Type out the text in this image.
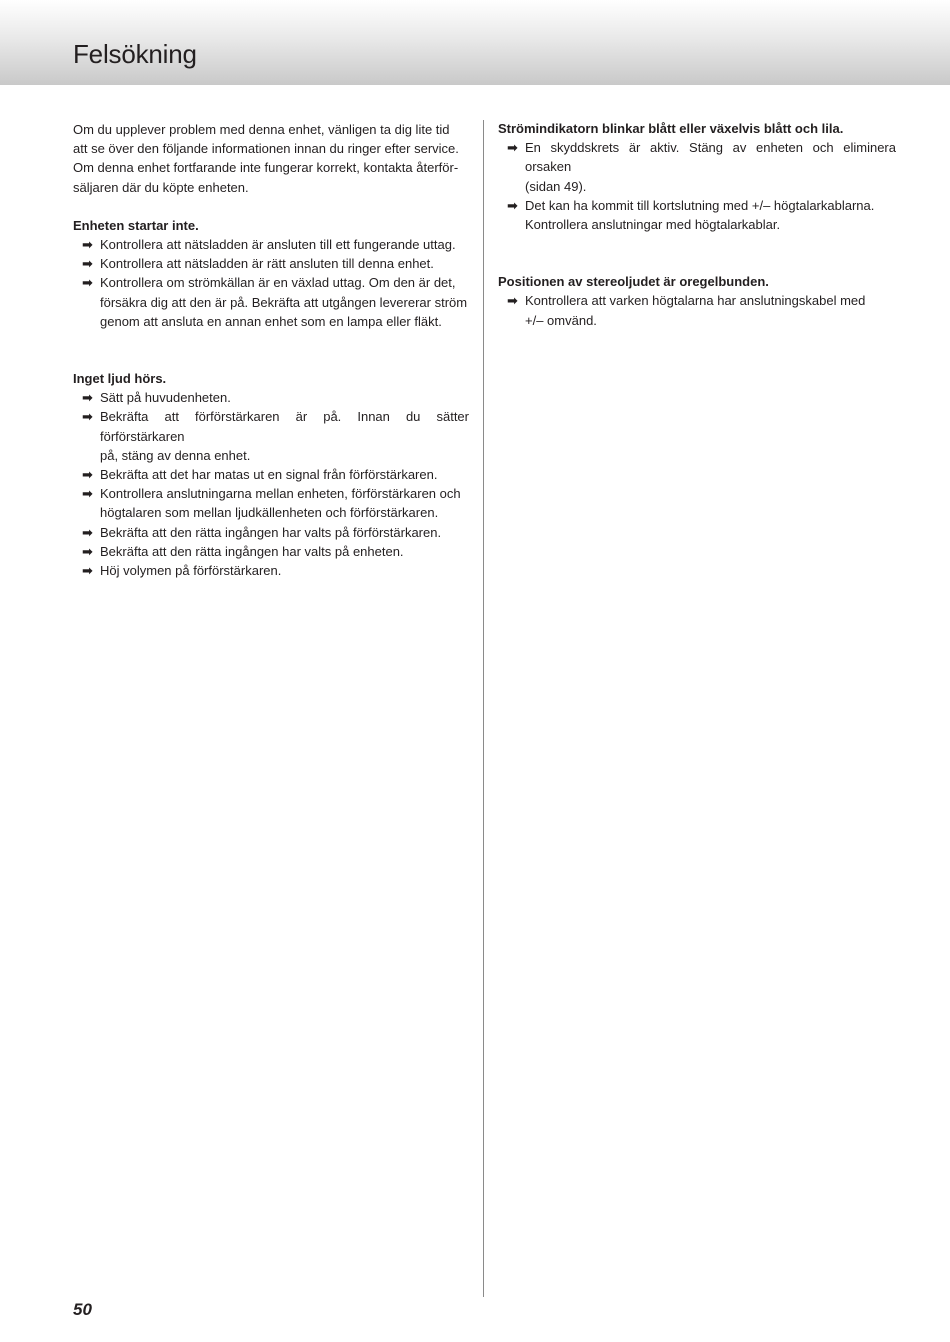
Felsökning

Om du upplever problem med denna enhet, vänligen ta dig lite tid

att se över den följande informationen innan du ringer efter service.

Om denna enhet fortfarande inte fungerar korrekt, kontakta återför-

säljaren där du köpte enheten.

Enheten startar inte.

➡ Kontrollera att nätsladden är ansluten till ett fungerande uttag.

➡ Kontrollera att nätsladden är rätt ansluten till denna enhet.

➡ Kontrollera om strömkällan är en växlad uttag. Om den är det,

försäkra dig att den är på. Bekräfta att utgången levererar ström

genom att ansluta en annan enhet som en lampa eller fläkt.

Inget ljud hörs.

➡ Sätt på huvudenheten.

➡ Bekräfta att förförstärkaren är på. Innan du sätter förförstärkaren

på, stäng av denna enhet.

➡ Bekräfta att det har matas ut en signal från förförstärkaren.

➡ Kontrollera anslutningarna mellan enheten, förförstärkaren och

högtalaren som mellan ljudkällenheten och förförstärkaren.

➡ Bekräfta att den rätta ingången har valts på förförstärkaren.

➡ Bekräfta att den rätta ingången har valts på enheten.

➡ Höj volymen på förförstärkaren.

Strömindikatorn blinkar blått eller växelvis blått och lila.

➡ En skyddskrets är aktiv. Stäng av enheten och eliminera orsaken

(sidan 49).

➡ Det kan ha kommit till kortslutning med +/– högtalarkablarna.

Kontrollera anslutningar med högtalarkablar.

Positionen av stereoljudet är oregelbunden.

➡ Kontrollera att varken högtalarna har anslutningskabel med

+/– omvänd.

50
